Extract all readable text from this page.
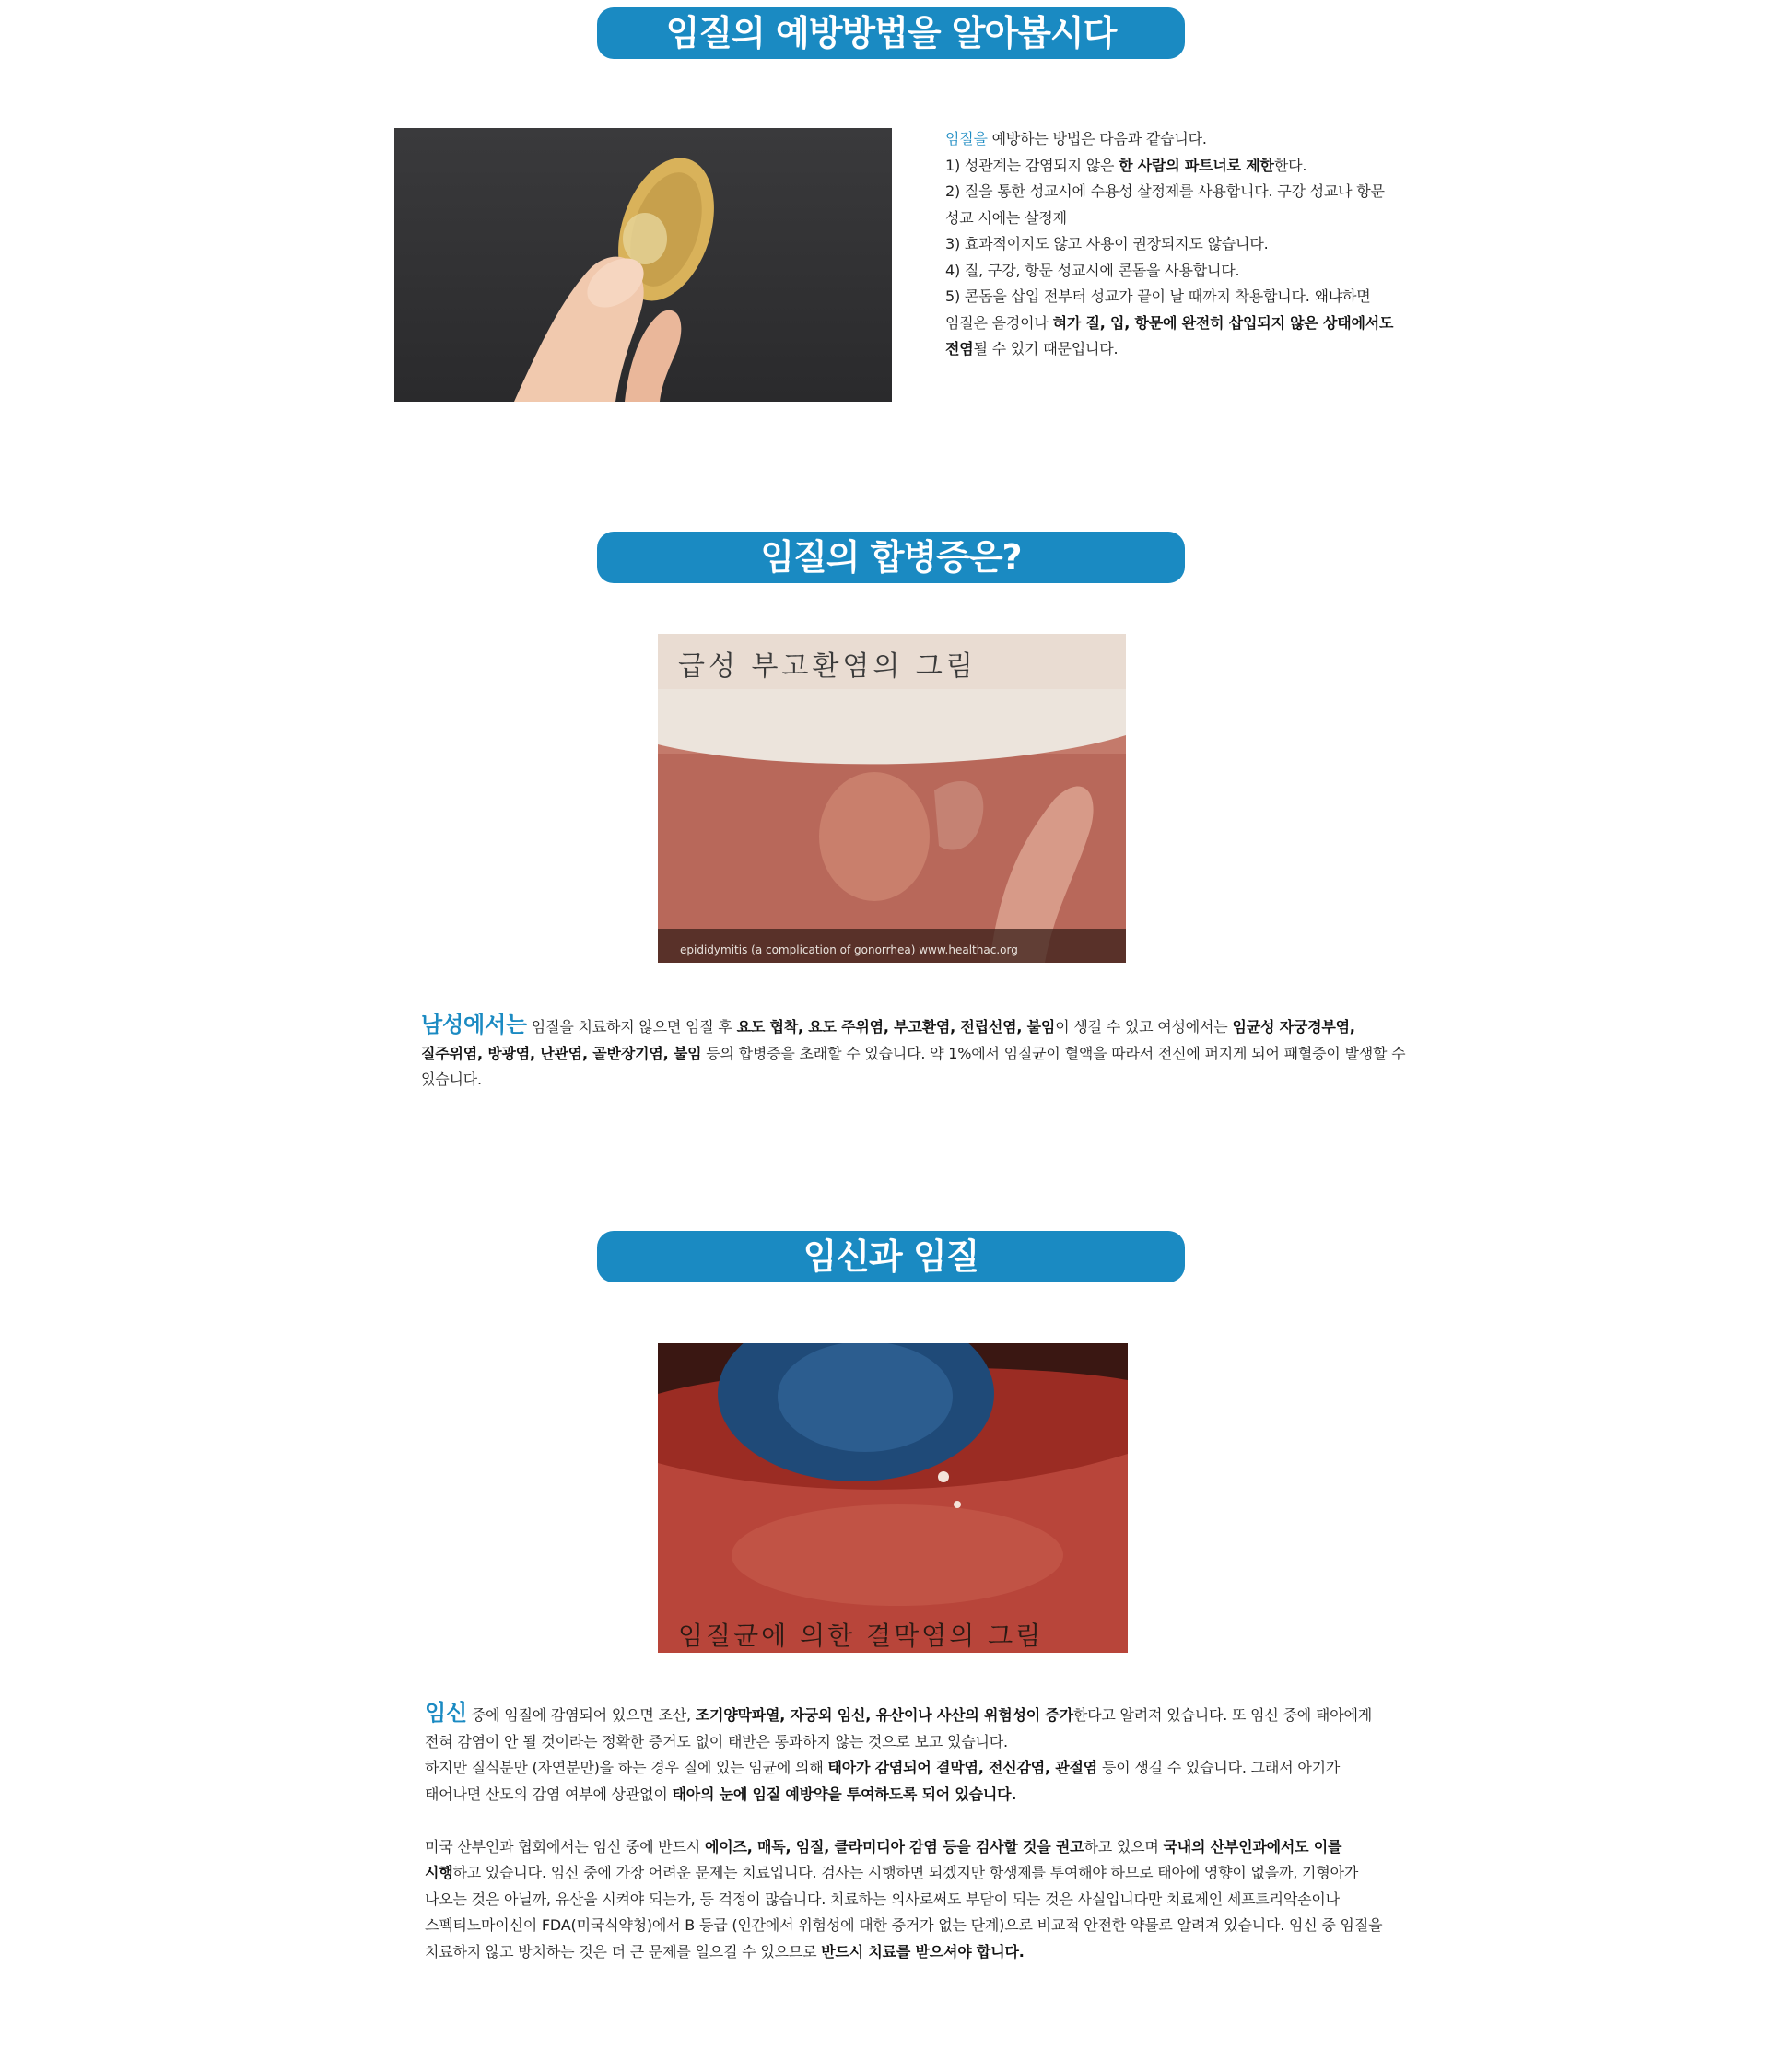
임질의 예방방법을 알아봅시다
임질을 예방하는 방법은 다음과 같습니다.
1) 성관계는 감염되지 않은 한 사람의 파트너로 제한한다.
2) 질을 통한 성교시에 수용성 살정제를 사용합니다. 구강 성교나 항문
성교 시에는 살정제
3) 효과적이지도 않고 사용이 권장되지도 않습니다.
4) 질, 구강, 항문 성교시에 콘돔을 사용합니다.
5) 콘돔을 삽입 전부터 성교가 끝이 날 때까지 착용합니다. 왜냐하면
임질은 음경이나 혀가 질, 입, 항문에 완전히 삽입되지 않은 상태에서도
전염될 수 있기 때문입니다.
임질의 합병증은?
급성 부고환염의 그림
epididymitis (a complication of gonorrhea) www.healthac.org
남성에서는 임질을 치료하지 않으면 임질 후 요도 협착, 요도 주위염, 부고환염, 전립선염, 불임이 생길 수 있고 여성에서는 임균성 자궁경부염,
질주위염, 방광염, 난관염, 골반장기염, 불임 등의 합병증을 초래할 수 있습니다. 약 1%에서 임질균이 혈액을 따라서 전신에 퍼지게 되어 패혈증이 발생할 수
있습니다.
임신과 임질
임질균에 의한 결막염의 그림
임신 중에 임질에 감염되어 있으면 조산, 조기양막파열, 자궁외 임신, 유산이나 사산의 위험성이 증가한다고 알려져 있습니다. 또 임신 중에 태아에게
전혀 감염이 안 될 것이라는 정확한 증거도 없이 태반은 통과하지 않는 것으로 보고 있습니다.
하지만 질식분만 (자연분만)을 하는 경우 질에 있는 임균에 의해 태아가 감염되어 결막염, 전신감염, 관절염 등이 생길 수 있습니다. 그래서 아기가
태어나면 산모의 감염 여부에 상관없이 태아의 눈에 임질 예방약을 투여하도록 되어 있습니다.

미국 산부인과 협회에서는 임신 중에 반드시 에이즈, 매독, 임질, 클라미디아 감염 등을 검사할 것을 권고하고 있으며 국내의 산부인과에서도 이를
시행하고 있습니다. 임신 중에 가장 어려운 문제는 치료입니다. 검사는 시행하면 되겠지만 항생제를 투여해야 하므로 태아에 영향이 없을까, 기형아가
나오는 것은 아닐까, 유산을 시켜야 되는가, 등 걱정이 많습니다. 치료하는 의사로써도 부담이 되는 것은 사실입니다만 치료제인 세프트리악손이나
스펙티노마이신이 FDA(미국식약청)에서 B 등급 (인간에서 위험성에 대한 증거가 없는 단계)으로 비교적 안전한 약물로 알려져 있습니다. 임신 중 임질을
치료하지 않고 방치하는 것은 더 큰 문제를 일으킬 수 있으므로 반드시 치료를 받으셔야 합니다.
